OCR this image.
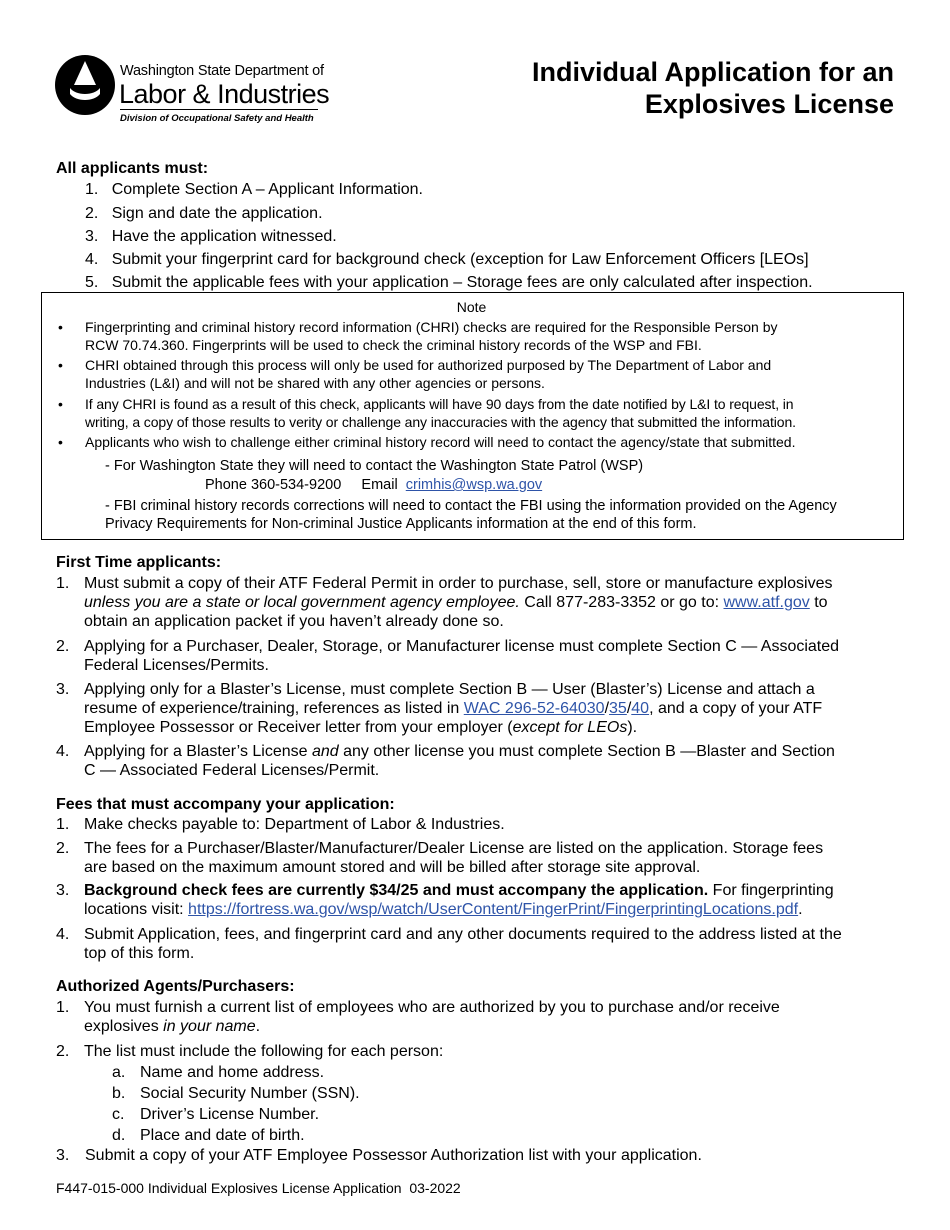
Washington State Department of
Labor & Industries
Division of Occupational Safety and Health
Individual Application for an
Explosives License
All applicants must:
1. Complete Section A – Applicant Information.
2. Sign and date the application.
3. Have the application witnessed.
4. Submit your fingerprint card for background check (exception for Law Enforcement Officers [LEOs]
5. Submit the applicable fees with your application – Storage fees are only calculated after inspection.
Note
• Fingerprinting and criminal history record information (CHRI) checks are required for the Responsible Person by
RCW 70.74.360. Fingerprints will be used to check the criminal history records of the WSP and FBI.
• CHRI obtained through this process will only be used for authorized purposed by The Department of Labor and
Industries (L&I) and will not be shared with any other agencies or persons.
• If any CHRI is found as a result of this check, applicants will have 90 days from the date notified by L&I to request, in
writing, a copy of those results to verity or challenge any inaccuracies with the agency that submitted the information.
• Applicants who wish to challenge either criminal history record will need to contact the agency/state that submitted.
- For Washington State they will need to contact the Washington State Patrol (WSP)
Phone 360-534-9200 Email crimhis@wsp.wa.gov
- FBI criminal history records corrections will need to contact the FBI using the information provided on the Agency
Privacy Requirements for Non-criminal Justice Applicants information at the end of this form.
First Time applicants:
1. Must submit a copy of their ATF Federal Permit in order to purchase, sell, store or manufacture explosives
unless you are a state or local government agency employee. Call 877-283-3352 or go to: www.atf.gov to
obtain an application packet if you haven’t already done so.
2. Applying for a Purchaser, Dealer, Storage, or Manufacturer license must complete Section C — Associated
Federal Licenses/Permits.
3. Applying only for a Blaster’s License, must complete Section B — User (Blaster’s) License and attach a
resume of experience/training, references as listed in WAC 296-52-64030/35/40, and a copy of your ATF
Employee Possessor or Receiver letter from your employer (except for LEOs).
4. Applying for a Blaster’s License and any other license you must complete Section B —Blaster and Section
C — Associated Federal Licenses/Permit.
Fees that must accompany your application:
1. Make checks payable to: Department of Labor & Industries.
2. The fees for a Purchaser/Blaster/Manufacturer/Dealer License are listed on the application. Storage fees
are based on the maximum amount stored and will be billed after storage site approval.
3. Background check fees are currently $34/25 and must accompany the application. For fingerprinting
locations visit: https://fortress.wa.gov/wsp/watch/UserContent/FingerPrint/FingerprintingLocations.pdf.
4. Submit Application, fees, and fingerprint card and any other documents required to the address listed at the
top of this form.
Authorized Agents/Purchasers:
1. You must furnish a current list of employees who are authorized by you to purchase and/or receive
explosives in your name.
2. The list must include the following for each person:
a. Name and home address.
b. Social Security Number (SSN).
c. Driver’s License Number.
d. Place and date of birth.
3. Submit a copy of your ATF Employee Possessor Authorization list with your application.
F447-015-000 Individual Explosives License Application  03-2022
